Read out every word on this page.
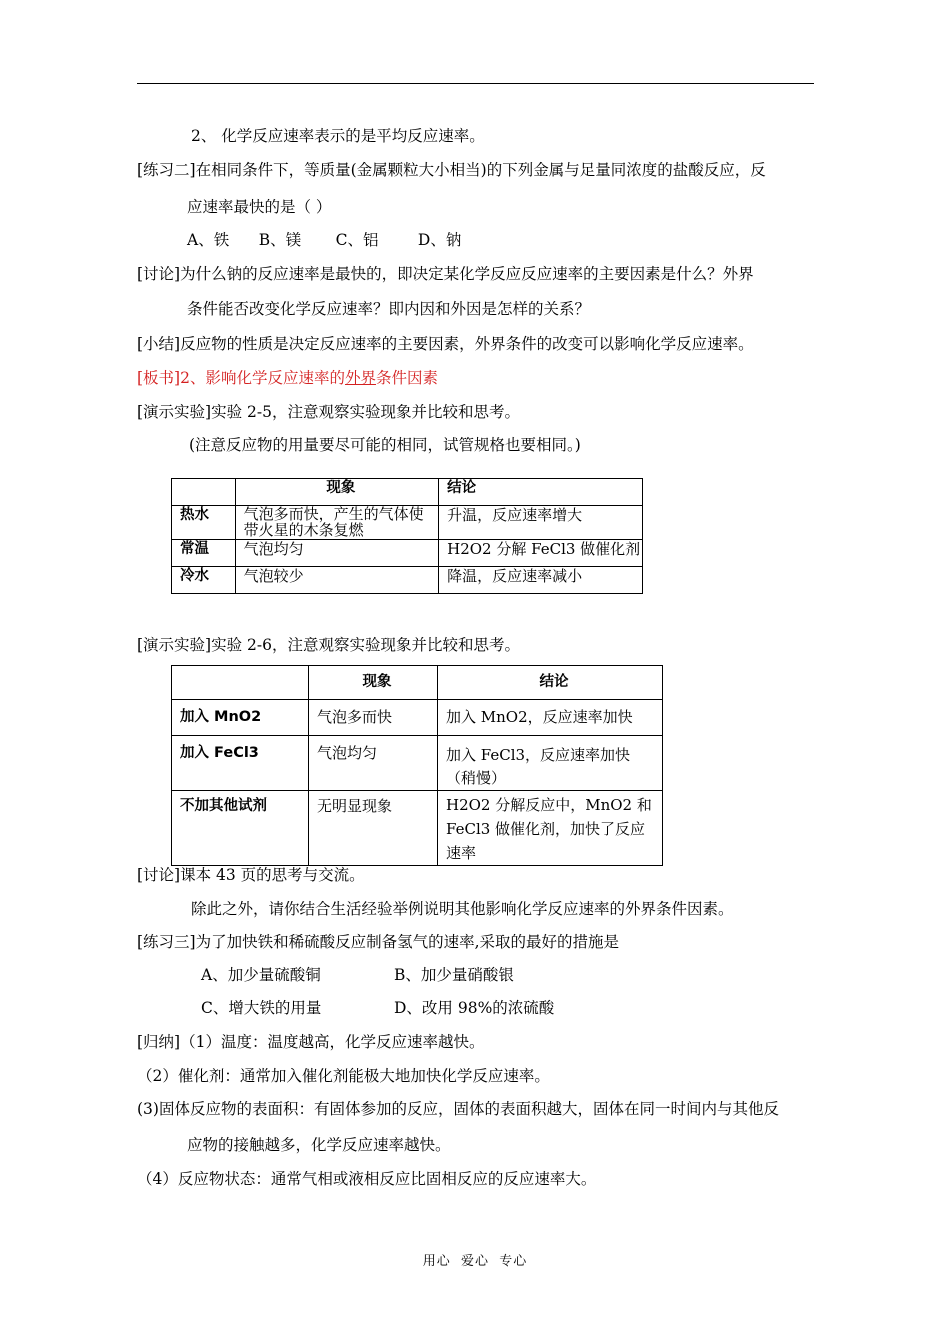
2、 化学反应速率表示的是平均反应速率。
[练习二]在相同条件下，等质量(金属颗粒大小相当)的下列金属与足量同浓度的盐酸反应，反
应速率最快的是（ ）
A、铁      B、镁       C、铝        D、钠
[讨论]为什么钠的反应速率是最快的，即决定某化学反应反应速率的主要因素是什么？外界
条件能否改变化学反应速率？即内因和外因是怎样的关系？
[小结]反应物的性质是决定反应速率的主要因素，外界条件的改变可以影响化学反应速率。
[板书]2、影响化学反应速率的外界条件因素
[演示实验]实验 2-5，注意观察实验现象并比较和思考。
(注意反应物的用量要尽可能的相同，试管规格也要相同。)
	现象	结论
热水	气泡多而快，产生的气体使带火星的木条复燃	升温，反应速率增大
常温	气泡均匀	H2O2 分解 FeCl3 做催化剂
冷水	气泡较少	降温，反应速率减小
[演示实验]实验 2-6，注意观察实验现象并比较和思考。
	现象	结论
加入 MnO2	气泡多而快	加入 MnO2，反应速率加快
加入 FeCl3	气泡均匀	加入 FeCl3，反应速率加快（稍慢）
不加其他试剂	无明显现象	H2O2 分解反应中，MnO2 和 FeCl3 做催化剂，加快了反应速率
[讨论]课本 43 页的思考与交流。
除此之外，请你结合生活经验举例说明其他影响化学反应速率的外界条件因素。
[练习三]为了加快铁和稀硫酸反应制备氢气的速率,采取的最好的措施是
A、加少量硫酸铜	B、加少量硝酸银
C、增大铁的用量	D、改用 98%的浓硫酸
[归纳]（1）温度：温度越高，化学反应速率越快。
（2）催化剂：通常加入催化剂能极大地加快化学反应速率。
(3)固体反应物的表面积：有固体参加的反应，固体的表面积越大，固体在同一时间内与其他反
应物的接触越多，化学反应速率越快。
（4）反应物状态：通常气相或液相反应比固相反应的反应速率大。
用心  爱心  专心
